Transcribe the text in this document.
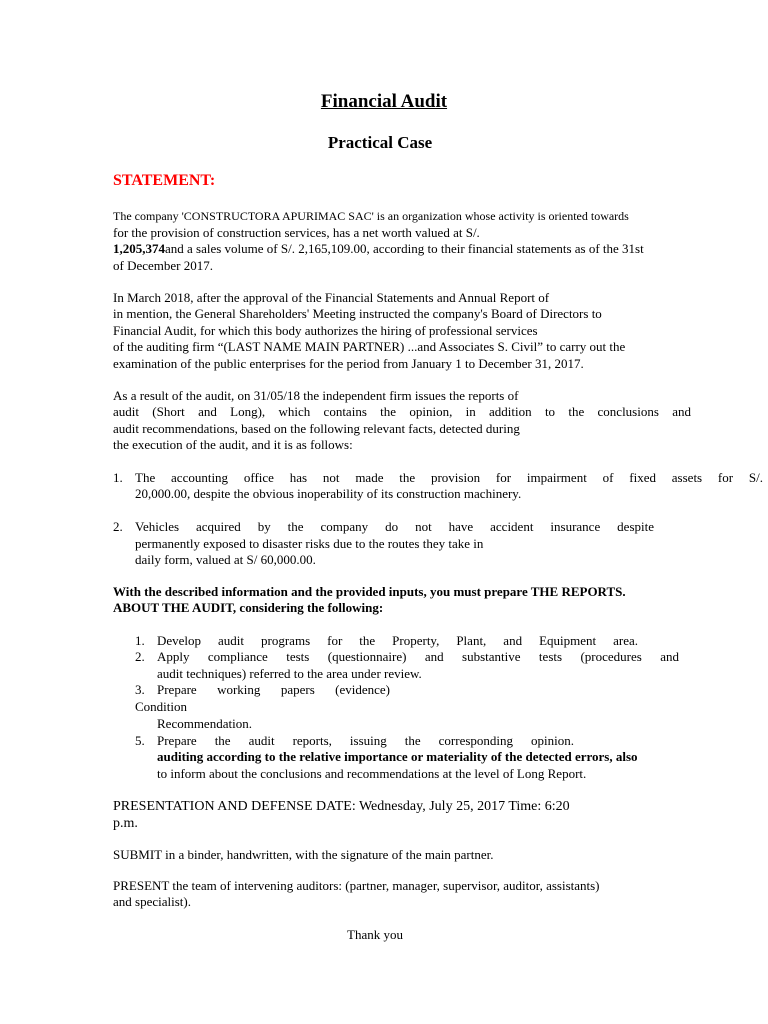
Financial Audit
Practical Case
STATEMENT:
The company 'CONSTRUCTORA APURIMAC SAC' is an organization whose activity is oriented towards
for the provision of construction services, has a net worth valued at S/.
1,205,374and a sales volume of S/. 2,165,109.00, according to their financial statements as of the 31st
of December 2017.
In March 2018, after the approval of the Financial Statements and Annual Report of
in mention, the General Shareholders' Meeting instructed the company's Board of Directors to
Financial Audit, for which this body authorizes the hiring of professional services
of the auditing firm “(LAST NAME MAIN PARTNER) ...and Associates S. Civil” to carry out the
examination of the public enterprises for the period from January 1 to December 31, 2017.
As a result of the audit, on 31/05/18 the independent firm issues the reports of
audit (Short and Long), which contains the opinion, in addition to the conclusions and
audit recommendations, based on the following relevant facts, detected during
the execution of the audit, and it is as follows:
1. The accounting office has not made the provision for impairment of fixed assets for S/.
20,000.00, despite the obvious inoperability of its construction machinery.
2. Vehicles acquired by the company do not have accident insurance despite
permanently exposed to disaster risks due to the routes they take in
daily form, valued at S/ 60,000.00.
With the described information and the provided inputs, you must prepare THE REPORTS.
ABOUT THE AUDIT, considering the following:
1. Develop audit programs for the Property, Plant, and Equipment area.
2. Apply compliance tests (questionnaire) and substantive tests (procedures and
audit techniques) referred to the area under review.
3. Prepare working papers (evidence)
Condition
Recommendation.
5. Prepare the audit reports, issuing the corresponding opinion.
auditing according to the relative importance or materiality of the detected errors, also
to inform about the conclusions and recommendations at the level of Long Report.
PRESENTATION AND DEFENSE DATE: Wednesday, July 25, 2017 Time: 6:20
p.m.
SUBMIT in a binder, handwritten, with the signature of the main partner.
PRESENT the team of intervening auditors: (partner, manager, supervisor, auditor, assistants)
and specialist).
Thank you
